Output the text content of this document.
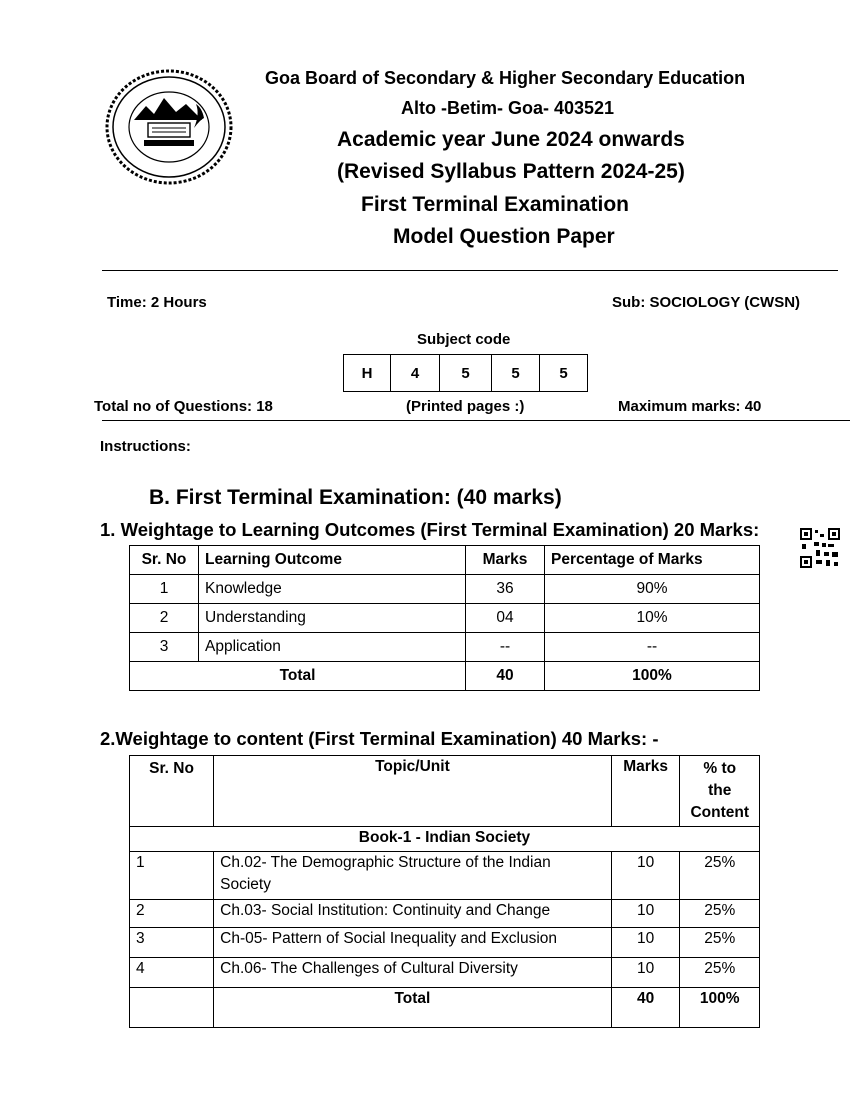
Goa Board of Secondary & Higher Secondary Education
Alto -Betim- Goa- 403521
Academic year June 2024 onwards
(Revised Syllabus Pattern 2024-25)
First Terminal Examination
Model Question Paper
Time: 2 Hours	Sub: SOCIOLOGY (CWSN)
Subject code
H	4	5	5	5
Total no of Questions: 18	(Printed pages :)	Maximum marks: 40
Instructions:
B. First Terminal Examination: (40 marks)
1. Weightage to Learning Outcomes (First Terminal Examination) 20 Marks:
Sr. No	Learning Outcome	Marks	Percentage of Marks
1	Knowledge	36	90%
2	Understanding	04	10%
3	Application	--	--
Total		40	100%
2.Weightage to content (First Terminal Examination) 40 Marks: -
Sr. No	Topic/Unit	Marks	% to the Content
Book-1 - Indian Society			
1	Ch.02- The Demographic Structure of the Indian Society	10	25%
2	Ch.03- Social Institution: Continuity and Change	10	25%
3	Ch-05- Pattern of Social Inequality and Exclusion	10	25%
4	Ch.06- The Challenges of Cultural Diversity	10	25%
	Total	40	100%
